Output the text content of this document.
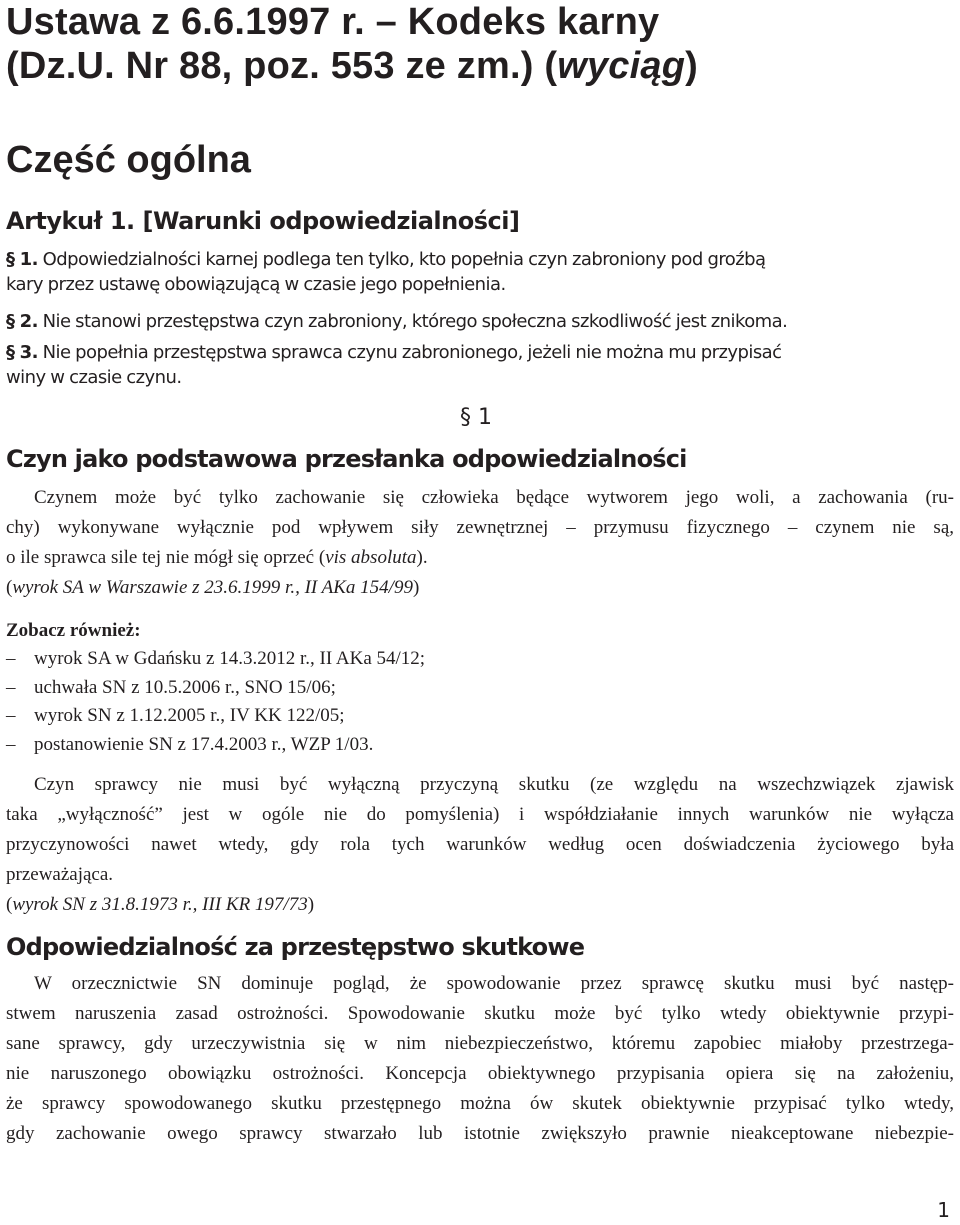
Ustawa z 6.6.1997 r. – Kodeks karny
(Dz.U. Nr 88, poz. 553 ze zm.) (wyciąg)
Część ogólna
Artykuł 1. [Warunki odpowiedzialności]
§ 1. Odpowiedzialności karnej podlega ten tylko, kto popełnia czyn zabroniony pod groźbą
kary przez ustawę obowiązującą w czasie jego popełnienia.
§ 2. Nie stanowi przestępstwa czyn zabroniony, którego społeczna szkodliwość jest znikoma.
§ 3. Nie popełnia przestępstwa sprawca czynu zabronionego, jeżeli nie można mu przypisać
winy w czasie czynu.
§ 1
Czyn jako podstawowa przesłanka odpowiedzialności
Czynem może być tylko zachowanie się człowieka będące wytworem jego woli, a zachowania (ru-
chy) wykonywane wyłącznie pod wpływem siły zewnętrznej – przymusu fizycznego – czynem nie są,
o ile sprawca sile tej nie mógł się oprzeć (vis absoluta).
(wyrok SA w Warszawie z 23.6.1999 r., II AKa 154/99)
Zobacz również:
– wyrok SA w Gdańsku z 14.3.2012 r., II AKa 54/12;
– uchwała SN z 10.5.2006 r., SNO 15/06;
– wyrok SN z 1.12.2005 r., IV KK 122/05;
– postanowienie SN z 17.4.2003 r., WZP 1/03.
Czyn sprawcy nie musi być wyłączną przyczyną skutku (ze względu na wszechzwiązek zjawisk
taka „wyłączność” jest w ogóle nie do pomyślenia) i współdziałanie innych warunków nie wyłącza
przyczynowości nawet wtedy, gdy rola tych warunków według ocen doświadczenia życiowego była
przeważająca.
(wyrok SN z 31.8.1973 r., III KR 197/73)
Odpowiedzialność za przestępstwo skutkowe
W orzecznictwie SN dominuje pogląd, że spowodowanie przez sprawcę skutku musi być następ-
stwem naruszenia zasad ostrożności. Spowodowanie skutku może być tylko wtedy obiektywnie przypi-
sane sprawcy, gdy urzeczywistnia się w nim niebezpieczeństwo, któremu zapobiec miałoby przestrzega-
nie naruszonego obowiązku ostrożności. Koncepcja obiektywnego przypisania opiera się na założeniu,
że sprawcy spowodowanego skutku przestępnego można ów skutek obiektywnie przypisać tylko wtedy,
gdy zachowanie owego sprawcy stwarzało lub istotnie zwiększyło prawnie nieakceptowane niebezpie-
1
